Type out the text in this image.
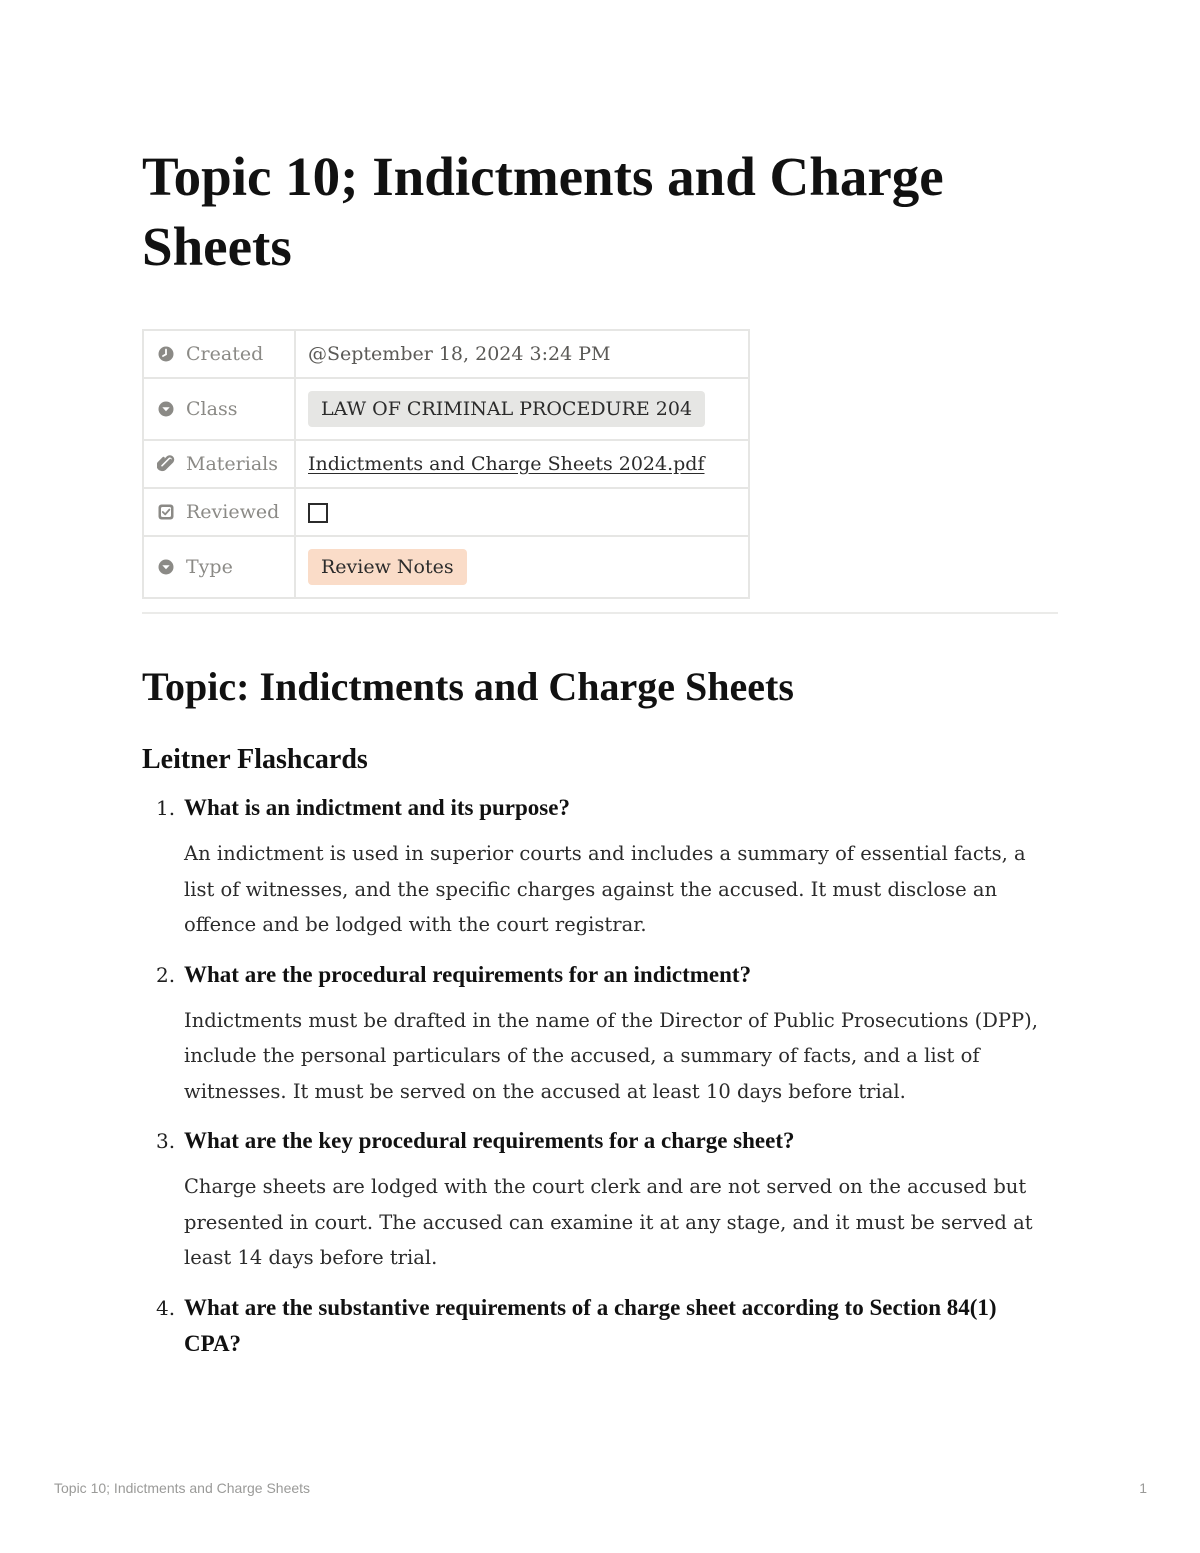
Topic 10; Indictments and Charge Sheets
Created	@September 18, 2024 3:24 PM

Class	LAW OF CRIMINAL PROCEDURE 204

Materials	Indictments and Charge Sheets 2024.pdf

Reviewed	

Type	Review Notes
Topic: Indictments and Charge Sheets
Leitner Flashcards
1. What is an indictment and its purpose?

An indictment is used in superior courts and includes a summary of essential facts, a list of witnesses, and the specific charges against the accused. It must disclose an offence and be lodged with the court registrar.

2. What are the procedural requirements for an indictment?

Indictments must be drafted in the name of the Director of Public Prosecutions (DPP), include the personal particulars of the accused, a summary of facts, and a list of witnesses. It must be served on the accused at least 10 days before trial.

3. What are the key procedural requirements for a charge sheet?

Charge sheets are lodged with the court clerk and are not served on the accused but presented in court. The accused can examine it at any stage, and it must be served at least 14 days before trial.

4. What are the substantive requirements of a charge sheet according to Section 84(1) CPA?

Topic 10; Indictments and Charge Sheets	1
